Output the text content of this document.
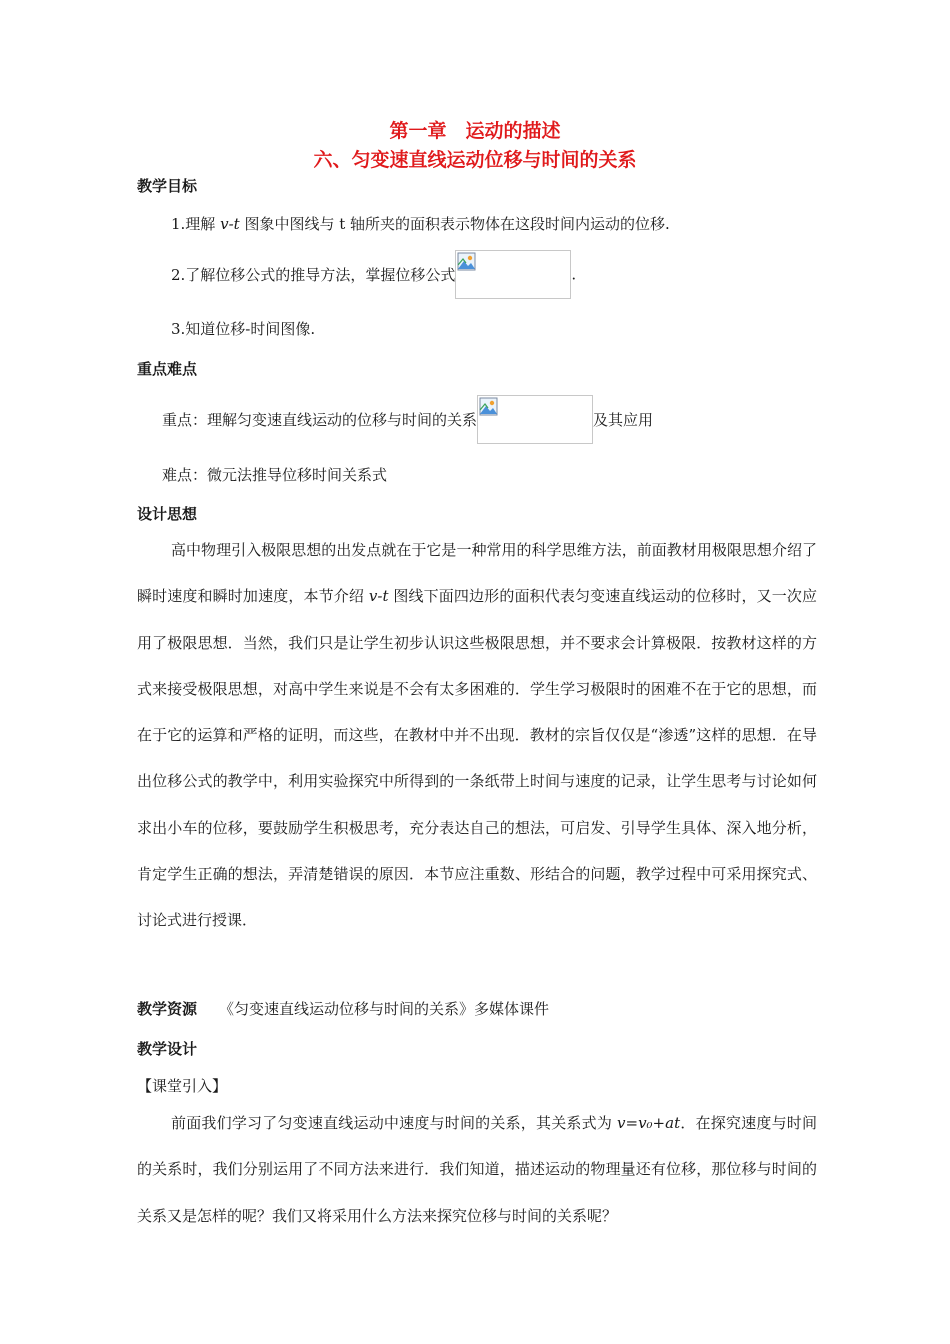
第一章　运动的描述
六、匀变速直线运动位移与时间的关系
教学目标
1.理解 v-t 图象中图线与 t 轴所夹的面积表示物体在这段时间内运动的位移.
2.了解位移公式的推导方法，掌握位移公式	.
3.知道位移-时间图像.
重点难点
重点：理解匀变速直线运动的位移与时间的关系	及其应用
难点：微元法推导位移时间关系式
设计思想
高中物理引入极限思想的出发点就在于它是一种常用的科学思维方法，前面教材用极限思想介绍了瞬时速度和瞬时加速度，本节介绍 v-t 图线下面四边形的面积代表匀变速直线运动的位移时，又一次应用了极限思想．当然，我们只是让学生初步认识这些极限思想，并不要求会计算极限．按教材这样的方式来接受极限思想，对高中学生来说是不会有太多困难的．学生学习极限时的困难不在于它的思想，而在于它的运算和严格的证明，而这些，在教材中并不出现．教材的宗旨仅仅是“渗透”这样的思想．在导出位移公式的教学中，利用实验探究中所得到的一条纸带上时间与速度的记录，让学生思考与讨论如何求出小车的位移，要鼓励学生积极思考，充分表达自己的想法，可启发、引导学生具体、深入地分析，肯定学生正确的想法，弄清楚错误的原因．本节应注重数、形结合的问题，教学过程中可采用探究式、讨论式进行授课．
教学资源 《匀变速直线运动位移与时间的关系》多媒体课件
教学设计
【课堂引入】
前面我们学习了匀变速直线运动中速度与时间的关系，其关系式为 v=v₀+at．在探究速度与时间的关系时，我们分别运用了不同方法来进行．我们知道，描述运动的物理量还有位移，那位移与时间的关系又是怎样的呢？我们又将采用什么方法来探究位移与时间的关系呢？
